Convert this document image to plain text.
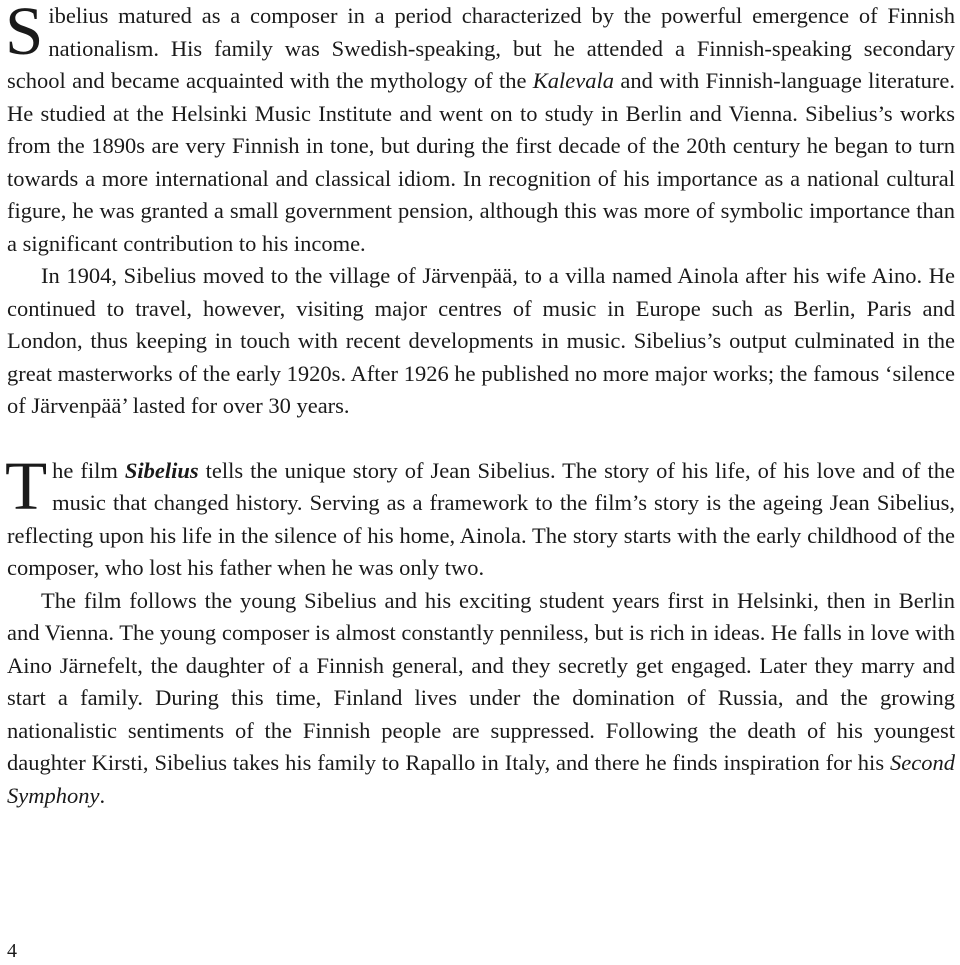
Sibelius matured as a composer in a period characterized by the powerful emergence of Finnish nationalism. His family was Swedish-speaking, but he attended a Finnish-speaking secondary school and became acquainted with the mythology of the Kalevala and with Finnish-language literature. He studied at the Helsinki Music Institute and went on to study in Berlin and Vienna. Sibelius’s works from the 1890s are very Finnish in tone, but during the first decade of the 20th century he began to turn towards a more international and classical idiom. In recognition of his importance as a national cultural figure, he was granted a small government pension, although this was more of symbolic importance than a significant contribution to his income.

In 1904, Sibelius moved to the village of Järvenpää, to a villa named Ainola after his wife Aino. He continued to travel, however, visiting major centres of music in Europe such as Berlin, Paris and London, thus keeping in touch with recent developments in music. Sibelius’s output culminated in the great masterworks of the early 1920s. After 1926 he published no more major works; the famous ‘silence of Järvenpää’ lasted for over 30 years.

The film Sibelius tells the unique story of Jean Sibelius. The story of his life, of his love and of the music that changed history. Serving as a framework to the film’s story is the ageing Jean Sibelius, reflecting upon his life in the silence of his home, Ainola. The story starts with the early childhood of the composer, who lost his father when he was only two.

The film follows the young Sibelius and his exciting student years first in Helsinki, then in Berlin and Vienna. The young composer is almost constantly penniless, but is rich in ideas. He falls in love with Aino Järnefelt, the daughter of a Finnish general, and they secretly get engaged. Later they marry and start a family. During this time, Finland lives under the domination of Russia, and the growing nationalistic sentiments of the Finnish people are suppressed. Following the death of his youngest daughter Kirsti, Sibelius takes his family to Rapallo in Italy, and there he finds inspiration for his Second Symphony.

4
